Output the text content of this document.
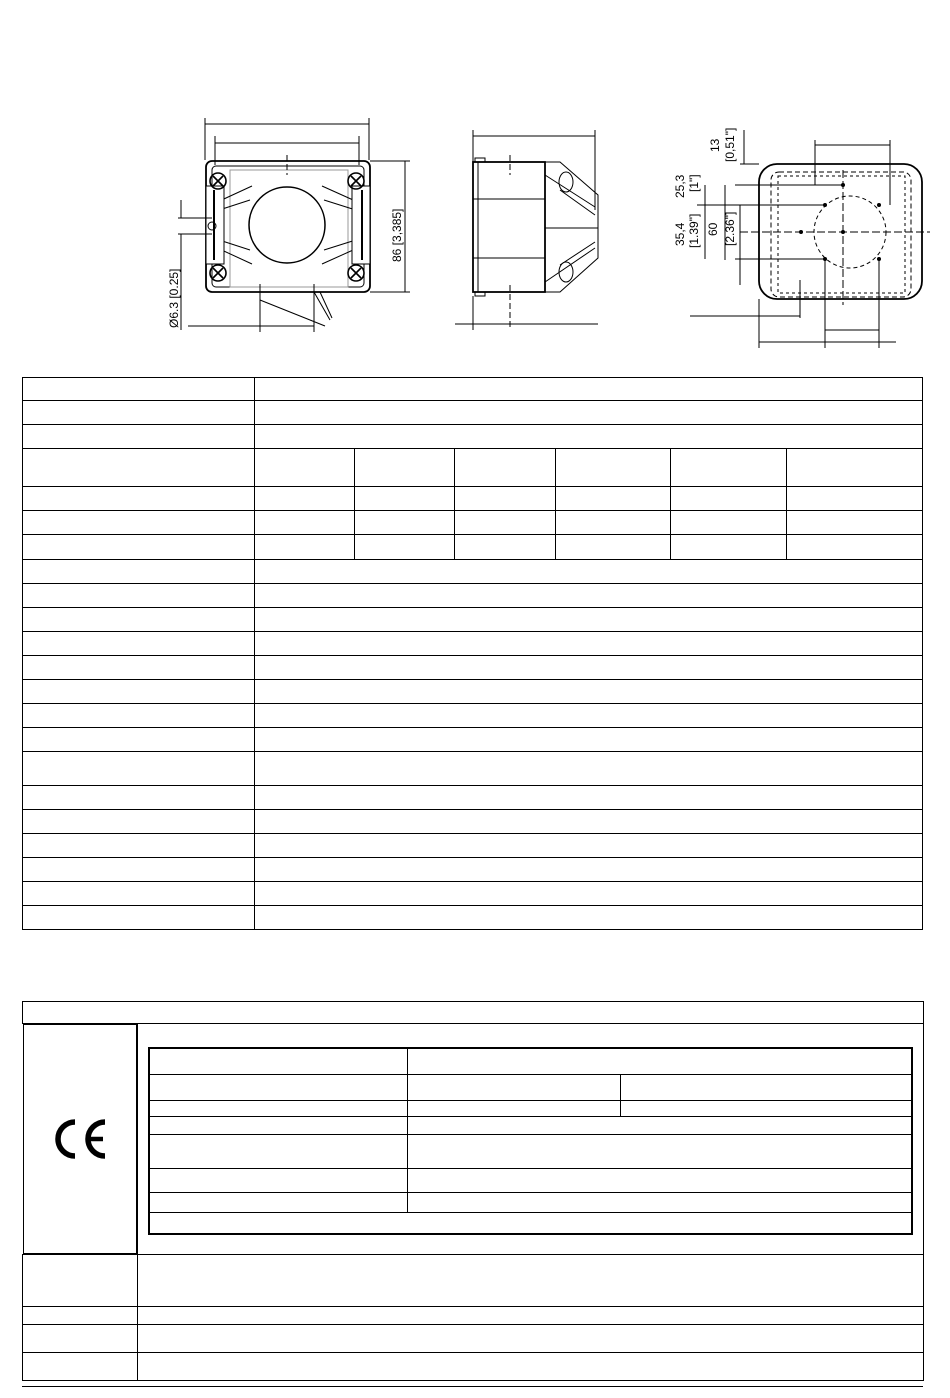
Ø6.3 [0.25]
86 [3,385]
13 [0,51"]
25,3 [1"]
35,4 [1.39"] 60 [2.36"]
